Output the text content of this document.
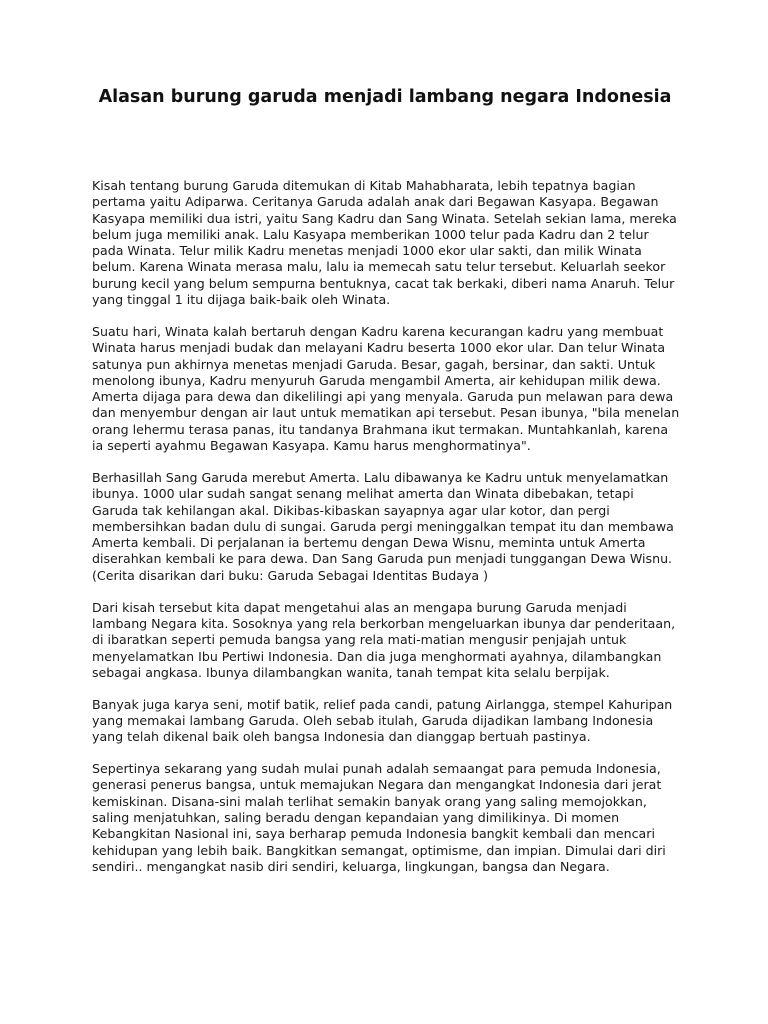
Alasan burung garuda menjadi lambang negara Indonesia

Kisah tentang burung Garuda ditemukan di Kitab Mahabharata, lebih tepatnya bagian pertama yaitu Adiparwa. Ceritanya Garuda adalah anak dari Begawan Kasyapa. Begawan Kasyapa memiliki dua istri, yaitu Sang Kadru dan Sang Winata. Setelah sekian lama, mereka belum juga memiliki anak. Lalu Kasyapa memberikan 1000 telur pada Kadru dan 2 telur pada Winata. Telur milik Kadru menetas menjadi 1000 ekor ular sakti, dan milik Winata belum. Karena Winata merasa malu, lalu ia memecah satu telur tersebut. Keluarlah seekor burung kecil yang belum sempurna bentuknya, cacat tak berkaki, diberi nama Anaruh. Telur yang tinggal 1 itu dijaga baik-baik oleh Winata.

Suatu hari, Winata kalah bertaruh dengan Kadru karena kecurangan kadru yang membuat Winata harus menjadi budak dan melayani Kadru beserta 1000 ekor ular. Dan telur Winata satunya pun akhirnya menetas menjadi Garuda. Besar, gagah, bersinar, dan sakti. Untuk menolong ibunya, Kadru menyuruh Garuda mengambil Amerta, air kehidupan milik dewa. Amerta dijaga para dewa dan dikelilingi api yang menyala. Garuda pun melawan para dewa dan menyembur dengan air laut untuk mematikan api tersebut. Pesan ibunya, "bila menelan orang lehermu terasa panas, itu tandanya Brahmana ikut termakan. Muntahkanlah, karena ia seperti ayahmu Begawan Kasyapa. Kamu harus menghormatinya".

Berhasillah Sang Garuda merebut Amerta. Lalu dibawanya ke Kadru untuk menyelamatkan ibunya. 1000 ular sudah sangat senang melihat amerta dan Winata dibebakan, tetapi Garuda tak kehilangan akal. Dikibas-kibaskan sayapnya agar ular kotor, dan pergi membersihkan badan dulu di sungai. Garuda pergi meninggalkan tempat itu dan membawa Amerta kembali. Di perjalanan ia bertemu dengan Dewa Wisnu, meminta untuk Amerta diserahkan kembali ke para dewa. Dan Sang Garuda pun menjadi tunggangan Dewa Wisnu. (Cerita disarikan dari buku: Garuda Sebagai Identitas Budaya )

Dari kisah tersebut kita dapat mengetahui alas an mengapa burung Garuda menjadi lambang Negara kita. Sosoknya yang rela berkorban mengeluarkan ibunya dar penderitaan, di ibaratkan seperti pemuda bangsa yang rela mati-matian mengusir penjajah untuk menyelamatkan Ibu Pertiwi Indonesia. Dan dia juga menghormati ayahnya, dilambangkan sebagai angkasa. Ibunya dilambangkan wanita, tanah tempat kita selalu berpijak.

Banyak juga karya seni, motif batik, relief pada candi, patung Airlangga, stempel Kahuripan yang memakai lambang Garuda. Oleh sebab itulah, Garuda dijadikan lambang Indonesia yang telah dikenal baik oleh bangsa Indonesia dan dianggap bertuah pastinya.

Sepertinya sekarang yang sudah mulai punah adalah semaangat para pemuda Indonesia, generasi penerus bangsa, untuk memajukan Negara dan mengangkat Indonesia dari jerat kemiskinan. Disana-sini malah terlihat semakin banyak orang yang saling memojokkan, saling menjatuhkan, saling beradu dengan kepandaian yang dimilikinya. Di momen Kebangkitan Nasional ini, saya berharap pemuda Indonesia bangkit kembali dan mencari kehidupan yang lebih baik. Bangkitkan semangat, optimisme, dan impian. Dimulai dari diri sendiri.. mengangkat nasib diri sendiri, keluarga, lingkungan, bangsa dan Negara.
